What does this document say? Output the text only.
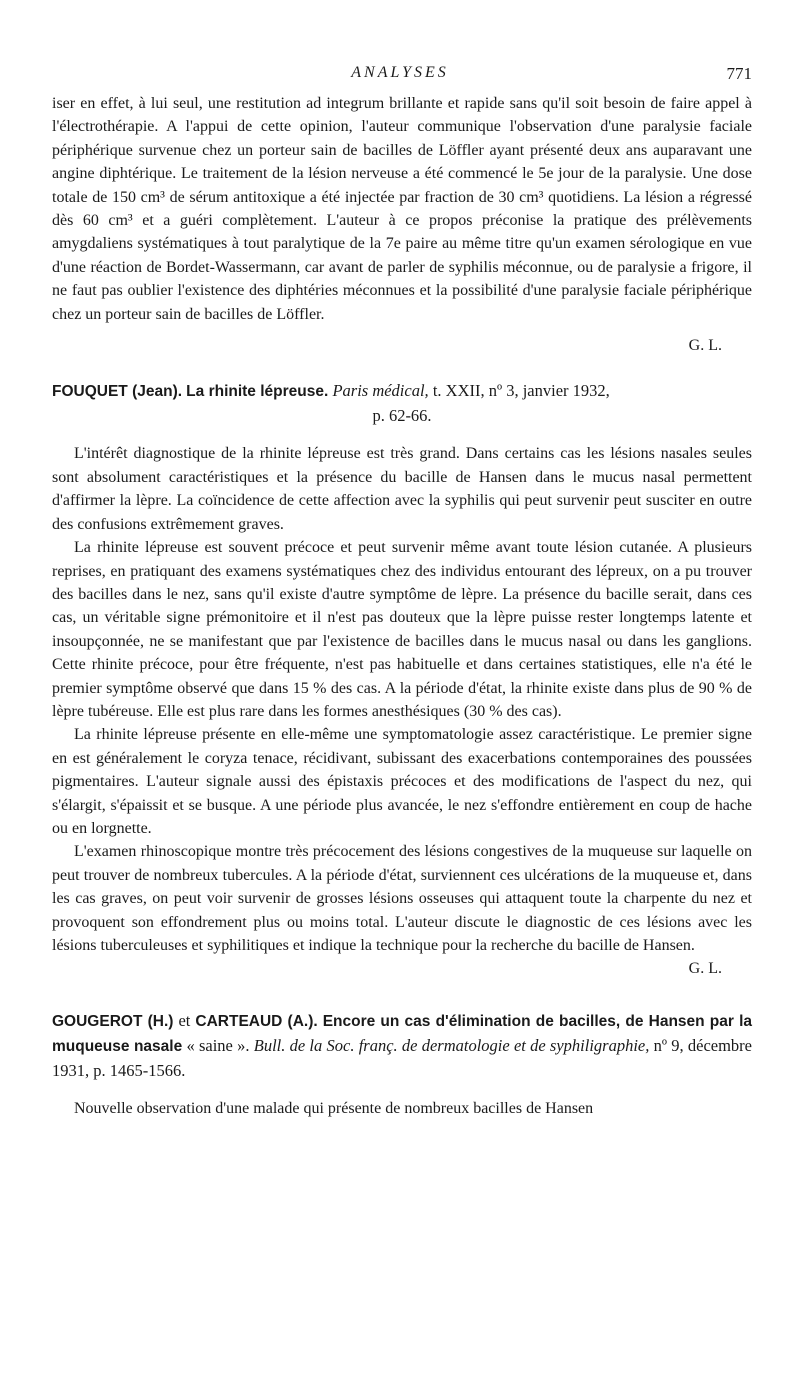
ANALYSES	771

iser en effet, à lui seul, une restitution ad integrum brillante et rapide sans qu'il soit besoin de faire appel à l'électrothérapie. A l'appui de cette opinion, l'auteur communique l'observation d'une paralysie faciale périphérique survenue chez un porteur sain de bacilles de Löffler ayant présenté deux ans auparavant une angine diphtérique. Le traitement de la lésion nerveuse a été commencé le 5e jour de la paralysie. Une dose totale de 150 cm³ de sérum antitoxique a été injectée par fraction de 30 cm³ quotidiens. La lésion a régressé dès 60 cm³ et a guéri complètement. L'auteur à ce propos préconise la pratique des prélèvements amygdaliens systématiques à tout paralytique de la 7e paire au même titre qu'un examen sérologique en vue d'une réaction de Bordet-Wassermann, car avant de parler de syphilis méconnue, ou de paralysie a frigore, il ne faut pas oublier l'existence des diphtéries méconnues et la possibilité d'une paralysie faciale périphérique chez un porteur sain de bacilles de Löffler.

G. L.

FOUQUET (Jean). La rhinite lépreuse. Paris médical, t. XXII, nº 3, janvier 1932,
p. 62-66.

L'intérêt diagnostique de la rhinite lépreuse est très grand. Dans certains cas les lésions nasales seules sont absolument caractéristiques et la présence du bacille de Hansen dans le mucus nasal permettent d'affirmer la lèpre. La coïncidence de cette affection avec la syphilis qui peut survenir peut susciter en outre des confusions extrêmement graves.

La rhinite lépreuse est souvent précoce et peut survenir même avant toute lésion cutanée. A plusieurs reprises, en pratiquant des examens systématiques chez des individus entourant des lépreux, on a pu trouver des bacilles dans le nez, sans qu'il existe d'autre symptôme de lèpre. La présence du bacille serait, dans ces cas, un véritable signe prémonitoire et il n'est pas douteux que la lèpre puisse rester longtemps latente et insoupçonnée, ne se manifestant que par l'existence de bacilles dans le mucus nasal ou dans les ganglions. Cette rhinite précoce, pour être fréquente, n'est pas habituelle et dans certaines statistiques, elle n'a été le premier symptôme observé que dans 15 % des cas. A la période d'état, la rhinite existe dans plus de 90 % de lèpre tubéreuse. Elle est plus rare dans les formes anesthésiques (30 % des cas).

La rhinite lépreuse présente en elle-même une symptomatologie assez caractéristique. Le premier signe en est généralement le coryza tenace, récidivant, subissant des exacerbations contemporaines des poussées pigmentaires. L'auteur signale aussi des épistaxis précoces et des modifications de l'aspect du nez, qui s'élargit, s'épaissit et se busque. A une période plus avancée, le nez s'effondre entièrement en coup de hache ou en lorgnette.

L'examen rhinoscopique montre très précocement des lésions congestives de la muqueuse sur laquelle on peut trouver de nombreux tubercules. A la période d'état, surviennent ces ulcérations de la muqueuse et, dans les cas graves, on peut voir survenir de grosses lésions osseuses qui attaquent toute la charpente du nez et provoquent son effondrement plus ou moins total. L'auteur discute le diagnostic de ces lésions avec les lésions tuberculeuses et syphilitiques et indique la technique pour la recherche du bacille de Hansen.

G. L.

GOUGEROT (H.) et CARTEAUD (A.). Encore un cas d'élimination de bacilles, de Hansen par la muqueuse nasale « saine ». Bull. de la Soc. franç. de dermatologie et de syphiligraphie, nº 9, décembre 1931, p. 1465-1566.

Nouvelle observation d'une malade qui présente de nombreux bacilles de Hansen
